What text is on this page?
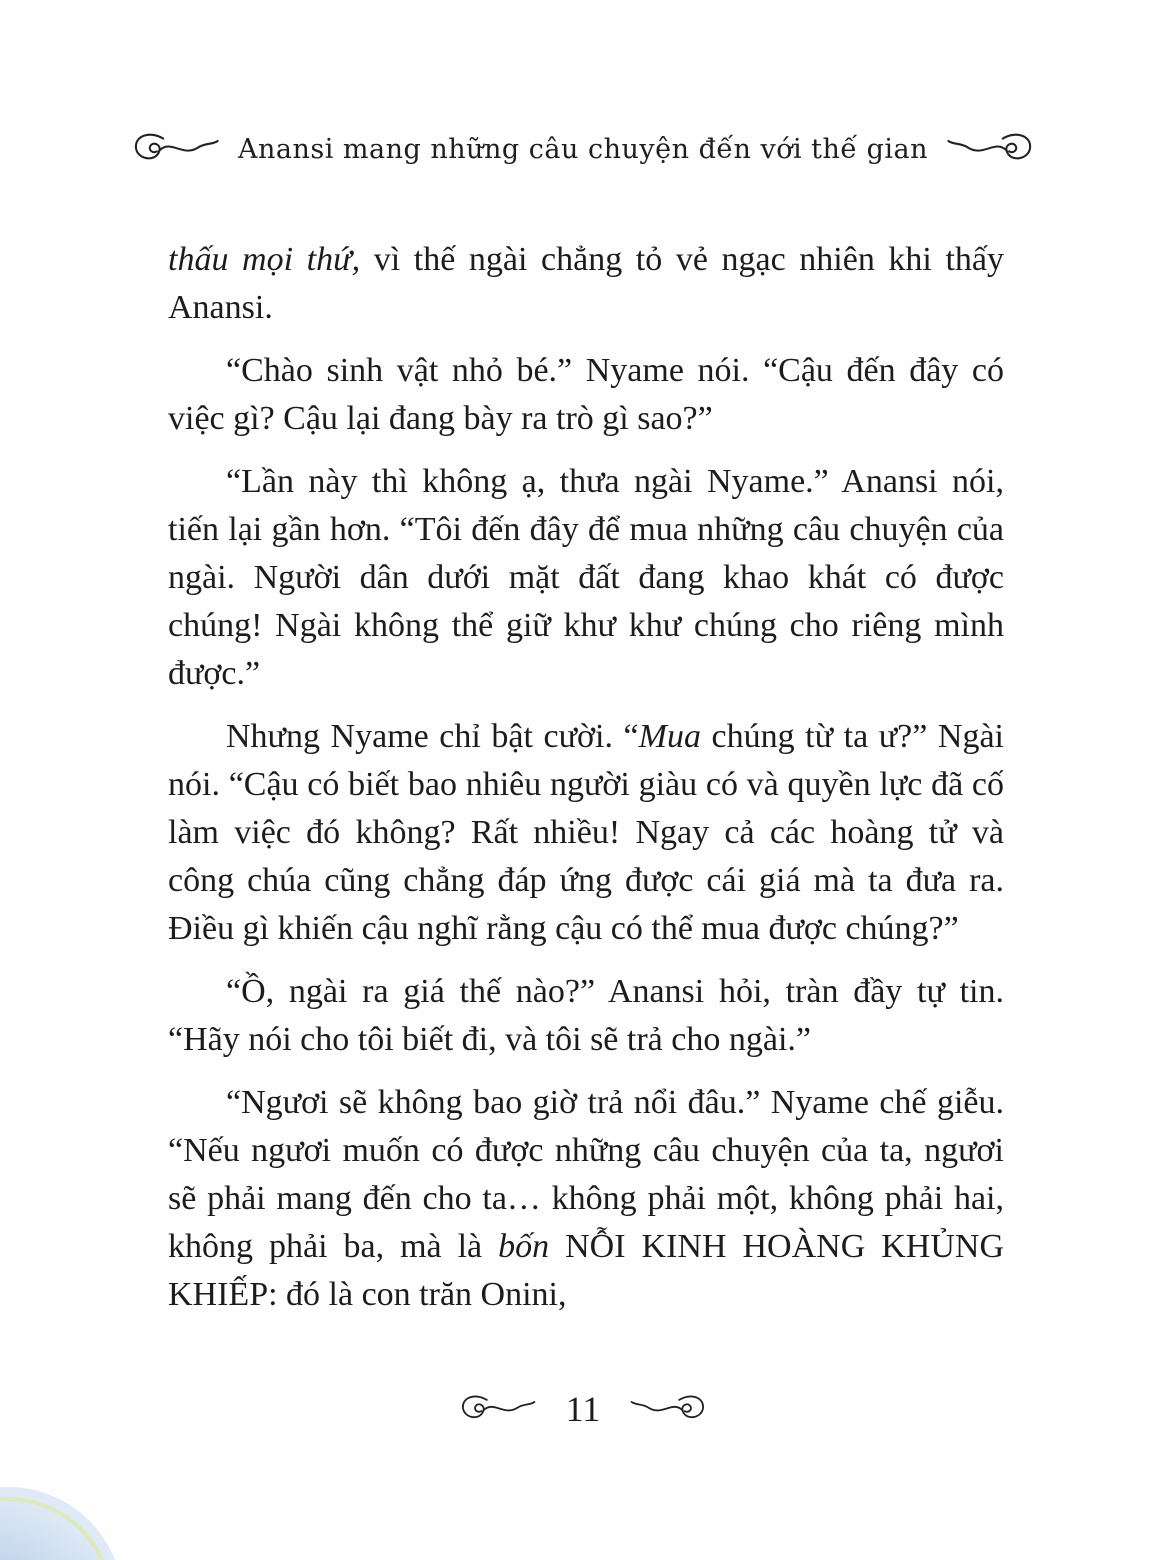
Anansi mang những câu chuyện đến với thế gian

thấu mọi thứ, vì thế ngài chẳng tỏ vẻ ngạc nhiên khi thấy Anansi.

“Chào sinh vật nhỏ bé.” Nyame nói. “Cậu đến đây có việc gì? Cậu lại đang bày ra trò gì sao?”

“Lần này thì không ạ, thưa ngài Nyame.” Anansi nói, tiến lại gần hơn. “Tôi đến đây để mua những câu chuyện của ngài. Người dân dưới mặt đất đang khao khát có được chúng! Ngài không thể giữ khư khư chúng cho riêng mình được.”

Nhưng Nyame chỉ bật cười. “Mua chúng từ ta ư?” Ngài nói. “Cậu có biết bao nhiêu người giàu có và quyền lực đã cố làm việc đó không? Rất nhiều! Ngay cả các hoàng tử và công chúa cũng chẳng đáp ứng được cái giá mà ta đưa ra. Điều gì khiến cậu nghĩ rằng cậu có thể mua được chúng?”

“Ồ, ngài ra giá thế nào?” Anansi hỏi, tràn đầy tự tin. “Hãy nói cho tôi biết đi, và tôi sẽ trả cho ngài.”

“Ngươi sẽ không bao giờ trả nổi đâu.” Nyame chế giễu. “Nếu ngươi muốn có được những câu chuyện của ta, ngươi sẽ phải mang đến cho ta… không phải một, không phải hai, không phải ba, mà là bốn NỖI KINH HOÀNG KHỦNG KHIẾP: đó là con trăn Onini,

11
